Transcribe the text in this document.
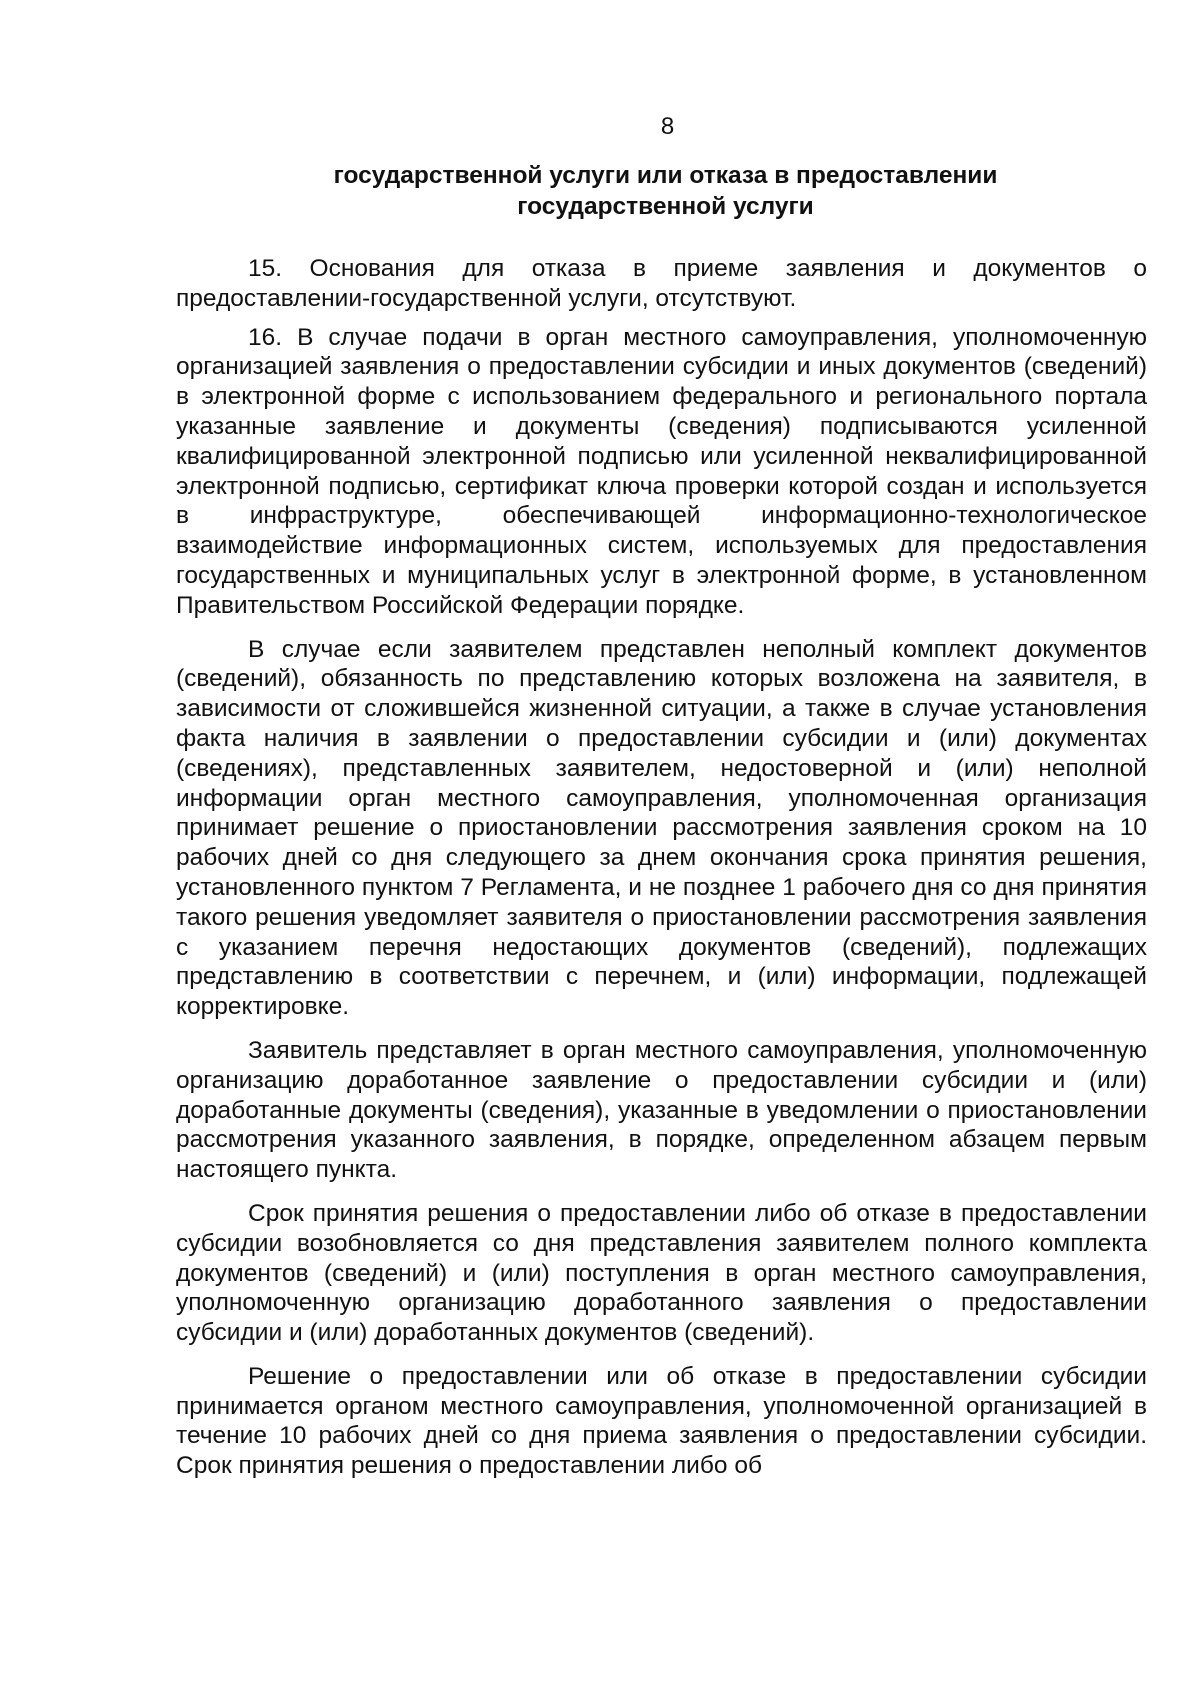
8
государственной услуги или отказа в предоставлении
государственной услуги

15. Основания для отказа в приеме заявления и документов о предоставлении-государственной услуги, отсутствуют.

16. В случае подачи в орган местного самоуправления, уполномоченную организацией заявления о предоставлении субсидии и иных документов (сведений) в электронной форме с использованием федерального и регионального портала указанные заявление и документы (сведения) подписываются усиленной квалифицированной электронной подписью или усиленной неквалифицированной электронной подписью, сертификат ключа проверки которой создан и используется в инфраструктуре, обеспечивающей информационно-технологическое взаимодействие информационных систем, используемых для предоставления государственных и муниципальных услуг в электронной форме, в установленном Правительством Российской Федерации порядке.

В случае если заявителем представлен неполный комплект документов (сведений), обязанность по представлению которых возложена на заявителя, в зависимости от сложившейся жизненной ситуации, а также в случае установления факта наличия в заявлении о предоставлении субсидии и (или) документах (сведениях), представленных заявителем, недостоверной и (или) неполной информации орган местного самоуправления, уполномоченная организация принимает решение о приостановлении рассмотрения заявления сроком на 10 рабочих дней со дня следующего за днем окончания срока принятия решения, установленного пунктом 7 Регламента, и не позднее 1 рабочего дня со дня принятия такого решения уведомляет заявителя о приостановлении рассмотрения заявления с указанием перечня недостающих документов (сведений), подлежащих представлению в соответствии с перечнем, и (или) информации, подлежащей корректировке.

Заявитель представляет в орган местного самоуправления, уполномоченную организацию доработанное заявление о предоставлении субсидии и (или) доработанные документы (сведения), указанные в уведомлении о приостановлении рассмотрения указанного заявления, в порядке, определенном абзацем первым настоящего пункта.

Срок принятия решения о предоставлении либо об отказе в предоставлении субсидии возобновляется со дня представления заявителем полного комплекта документов (сведений) и (или) поступления в орган местного самоуправления, уполномоченную организацию доработанного заявления о предоставлении субсидии и (или) доработанных документов (сведений).

Решение о предоставлении или об отказе в предоставлении субсидии принимается органом местного самоуправления, уполномоченной организацией в течение 10 рабочих дней со дня приема заявления о предоставлении субсидии. Срок принятия решения о предоставлении либо об
